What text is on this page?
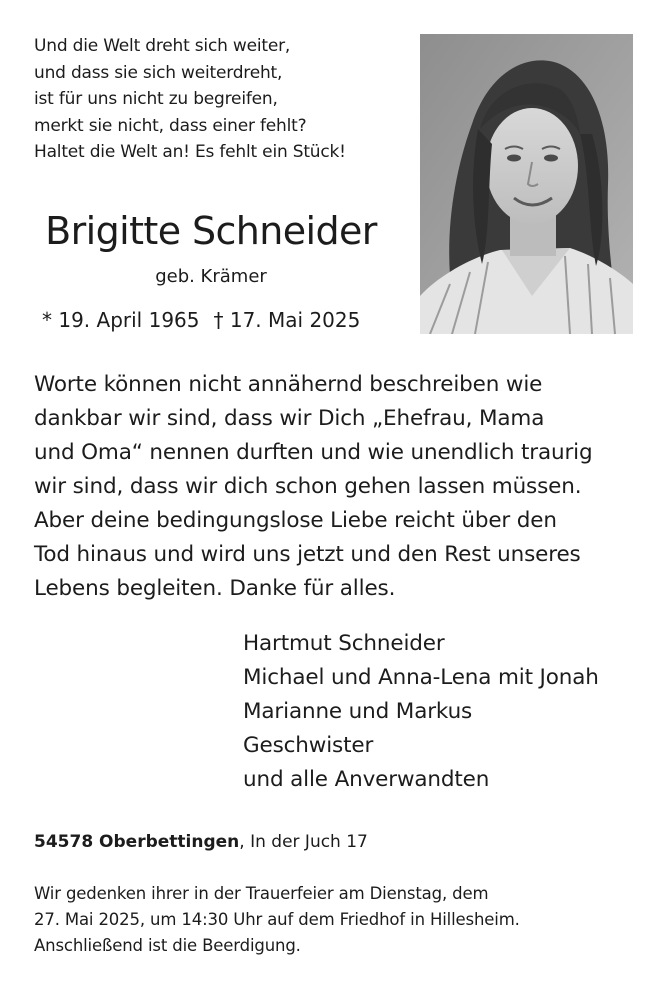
Und die Welt dreht sich weiter,
und dass sie sich weiterdreht,
ist für uns nicht zu begreifen,
merkt sie nicht, dass einer fehlt?
Haltet die Welt an! Es fehlt ein Stück!
Brigitte Schneider
geb. Krämer
* 19. April 1965 † 17. Mai 2025
Worte können nicht annähernd beschreiben wie
dankbar wir sind, dass wir Dich „Ehefrau, Mama
und Oma“ nennen durften und wie unendlich traurig
wir sind, dass wir dich schon gehen lassen müssen.
Aber deine bedingungslose Liebe reicht über den
Tod hinaus und wird uns jetzt und den Rest unseres
Lebens begleiten. Danke für alles.
Hartmut Schneider
Michael und Anna-Lena mit Jonah
Marianne und Markus
Geschwister
und alle Anverwandten
54578 Oberbettingen, In der Juch 17
Wir gedenken ihrer in der Trauerfeier am Dienstag, dem
27. Mai 2025, um 14:30 Uhr auf dem Friedhof in Hillesheim.
Anschließend ist die Beerdigung.
